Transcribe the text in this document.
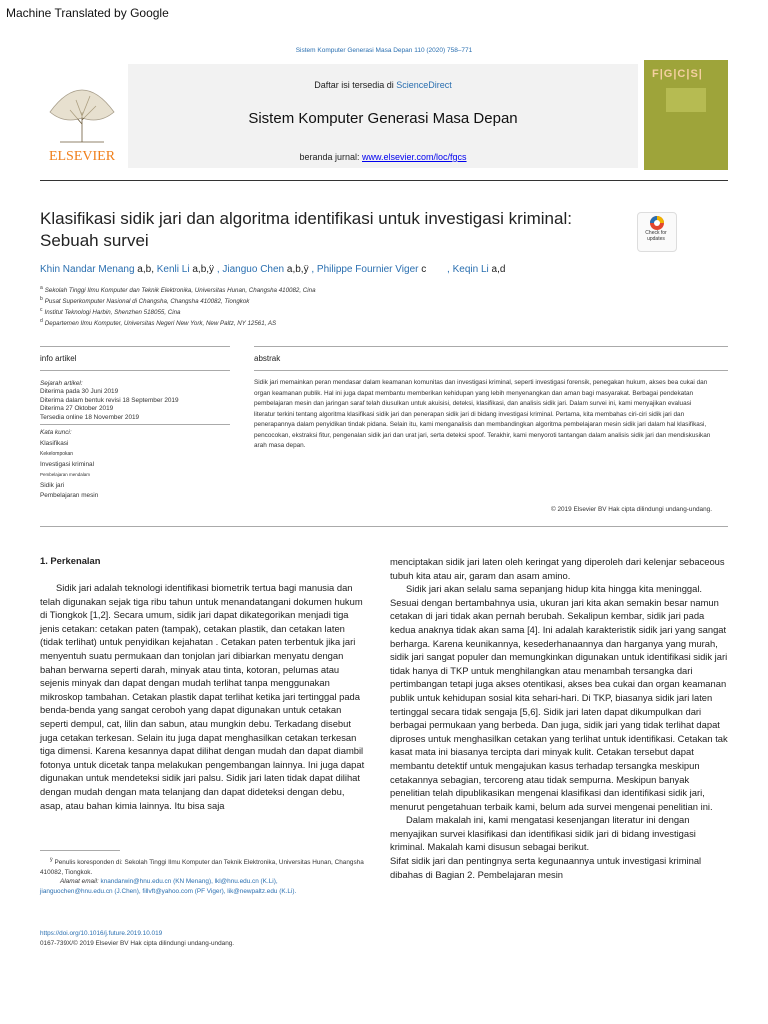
Machine Translated by Google
Sistem Komputer Generasi Masa Depan 110 (2020) 758–771
ELSEVIER
Daftar isi tersedia di ScienceDirect
Sistem Komputer Generasi Masa Depan
beranda jurnal: www.elsevier.com/loc/fgcs
F|G|C|S|
Klasifikasi sidik jari dan algoritma identifikasi untuk investigasi kriminal:
Sebuah survei	Check for updates
Khin Nandar Menang a,b, Kenli Li a,b,ÿ , Jianguo Chen a,b,ÿ , Philippe Fournier Viger c , Keqin Li a,d
$^a$ Sekolah Tinggi Ilmu Komputer dan Teknik Elektronika, Universitas Hunan, Changsha 410082, Cina
$^b$ Pusat Superkomputer Nasional di Changsha, Changsha 410082, Tiongkok
$^c$ Institut Teknologi Harbin, Shenzhen 518055, Cina
$^d$ Departemen Ilmu Komputer, Universitas Negeri New York, New Paltz, NY 12561, AS
info artikel	abstrak
Sejarah artikel:
Diterima pada 30 Juni 2019
Diterima dalam bentuk revisi 18 September 2019
Diterima 27 Oktober 2019
Tersedia online 18 November 2019
Kata kunci:
Klasifikasi
Kekelompokan
Investigasi kriminal
Pembelajaran mendalam
Sidik jari
Pembelajaran mesin
Sidik jari memainkan peran mendasar dalam keamanan komunitas dan investigasi kriminal, seperti investigasi forensik, penegakan hukum, akses bea cukai dan organ keamanan publik. Hal ini juga dapat membantu memberikan kehidupan yang lebih menyenangkan dan aman bagi masyarakat. Berbagai pendekatan pembelajaran mesin dan jaringan saraf telah diusulkan untuk akuisisi, deteksi, klasifikasi, dan analisis sidik jari. Dalam survei ini, kami menyajikan evaluasi literatur terkini tentang algoritma klasifikasi sidik jari dan penerapan sidik jari di bidang investigasi kriminal. Pertama, kita membahas ciri-ciri sidik jari dan penerapannya dalam penyidikan tindak pidana. Selain itu, kami menganalisis dan membandingkan algoritma pembelajaran mesin sidik jari dalam hal klasifikasi, pencocokan, ekstraksi fitur, pengenalan sidik jari dan urat jari, serta deteksi spoof. Terakhir, kami menyoroti tantangan dalam analisis sidik jari dan mendiskusikan arah masa depan.
© 2019 Elsevier BV Hak cipta dilindungi undang-undang.
1. Perkenalan

Sidik jari adalah teknologi identifikasi biometrik tertua bagi manusia dan telah digunakan sejak tiga ribu tahun untuk menandatangani dokumen hukum di Tiongkok [1,2]. Secara umum, sidik jari dapat dikategorikan menjadi tiga jenis cetakan: cetakan paten (tampak), cetakan plastik, dan cetakan laten (tidak terlihat) untuk penyidikan kejahatan . Cetakan paten terbentuk jika jari menyentuh suatu permukaan dan tonjolan jari dibiarkan menyatu dengan bahan berwarna seperti darah, minyak atau tinta, kotoran, pelumas atau sejenis minyak dan dapat dengan mudah terlihat tanpa menggunakan mikroskop tambahan. Cetakan plastik dapat terlihat ketika jari tertinggal pada benda-benda yang sangat ceroboh yang dapat digunakan untuk cetakan seperti dempul, cat, lilin dan sabun, atau mungkin debu. Terkadang disebut juga cetakan terkesan. Selain itu juga dapat menghasilkan cetakan terkesan tiga dimensi. Karena kesannya dapat dilihat dengan mudah dan dapat diambil fotonya untuk dicetak tanpa melakukan pengembangan lainnya. Ini juga dapat digunakan untuk mendeteksi sidik jari palsu. Sidik jari laten tidak dapat dilihat dengan mudah dengan mata telanjang dan dapat dideteksi dengan debu, asap, atau bahan kimia lainnya. Itu bisa saja

$^ÿ$ Penulis koresponden di: Sekolah Tinggi Ilmu Komputer dan Teknik Elektronika, Universitas Hunan, Changsha 410082, Tiongkok.
Alamat email: knandarwin@hnu.edu.cn (KN Menang), lkl@hnu.edu.cn (K.Li),
jianguochen@hnu.edu.cn (J.Chen), fillvft@yahoo.com (PF Viger), lik@newpaltz.edu (K.Li).
https://doi.org/10.1016/j.future.2019.10.019
0167-739X/© 2019 Elsevier BV Hak cipta dilindungi undang-undang.

menciptakan sidik jari laten oleh keringat yang diperoleh dari kelenjar sebaceous tubuh kita atau air, garam dan asam amino.

Sidik jari akan selalu sama sepanjang hidup kita hingga kita meninggal. Sesuai dengan bertambahnya usia, ukuran jari kita akan semakin besar namun cetakan di jari tidak akan pernah berubah. Sekalipun kembar, sidik jari pada kedua anaknya tidak akan sama [4]. Ini adalah karakteristik sidik jari yang sangat berharga. Karena keunikannya, kesederhanaannya dan harganya yang murah, sidik jari sangat populer dan memungkinkan digunakan untuk identifikasi sidik jari tidak hanya di TKP untuk menghilangkan atau menambah tersangka dari pertimbangan tetapi juga akses otentikasi, akses bea cukai dan organ keamanan publik untuk kehidupan sosial kita sehari-hari. Di TKP, biasanya sidik jari laten tertinggal secara tidak sengaja [5,6]. Sidik jari laten dapat dikumpulkan dari berbagai permukaan yang berbeda. Dan juga, sidik jari yang tidak terlihat dapat diproses untuk menghasilkan cetakan yang terlihat untuk identifikasi. Cetakan tak kasat mata ini biasanya tercipta dari minyak kulit. Cetakan tersebut dapat membantu detektif untuk mengajukan kasus terhadap tersangka meskipun cetakannya sebagian, tercoreng atau tidak sempurna. Meskipun banyak penelitian telah dipublikasikan mengenai klasifikasi dan identifikasi sidik jari, menurut pengetahuan terbaik kami, belum ada survei mengenai penelitian ini.

Dalam makalah ini, kami mengatasi kesenjangan literatur ini dengan menyajikan survei klasifikasi dan identifikasi sidik jari di bidang investigasi kriminal. Makalah kami disusun sebagai berikut.

Sifat sidik jari dan pentingnya serta kegunaannya untuk investigasi kriminal dibahas di Bagian 2. Pembelajaran mesin
